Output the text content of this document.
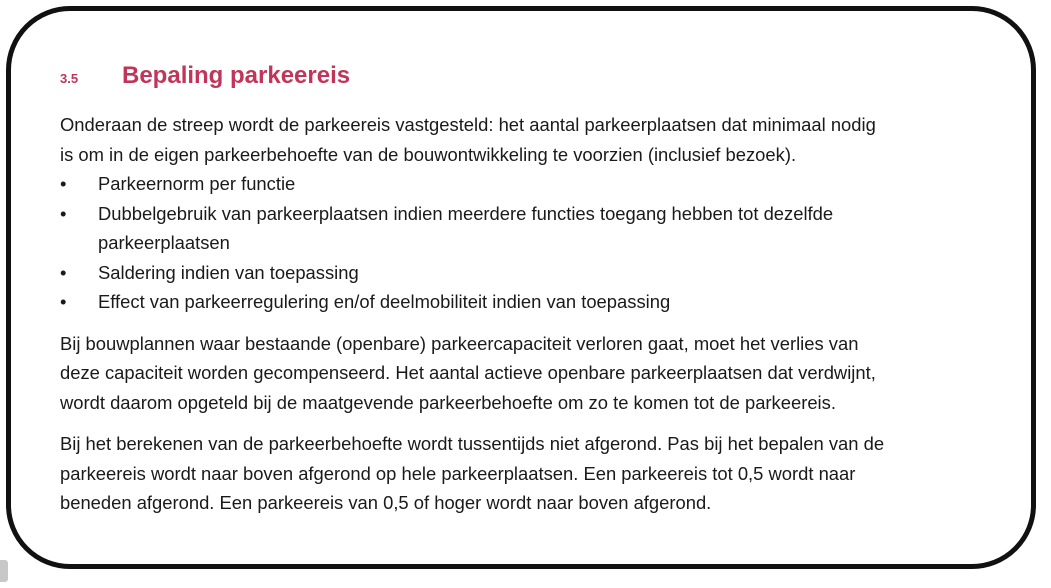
3.5 Bepaling parkeereis

Onderaan de streep wordt de parkeereis vastgesteld: het aantal parkeerplaatsen dat minimaal nodig

is om in de eigen parkeerbehoefte van de bouwontwikkeling te voorzien (inclusief bezoek).

• Parkeernorm per functie
• Dubbelgebruik van parkeerplaatsen indien meerdere functies toegang hebben tot dezelfde
parkeerplaatsen
• Saldering indien van toepassing
• Effect van parkeerregulering en/of deelmobiliteit indien van toepassing

Bij bouwplannen waar bestaande (openbare) parkeercapaciteit verloren gaat, moet het verlies van

deze capaciteit worden gecompenseerd. Het aantal actieve openbare parkeerplaatsen dat verdwijnt,

wordt daarom opgeteld bij de maatgevende parkeerbehoefte om zo te komen tot de parkeereis.

Bij het berekenen van de parkeerbehoefte wordt tussentijds niet afgerond. Pas bij het bepalen van de

parkeereis wordt naar boven afgerond op hele parkeerplaatsen. Een parkeereis tot 0,5 wordt naar

beneden afgerond. Een parkeereis van 0,5 of hoger wordt naar boven afgerond.
